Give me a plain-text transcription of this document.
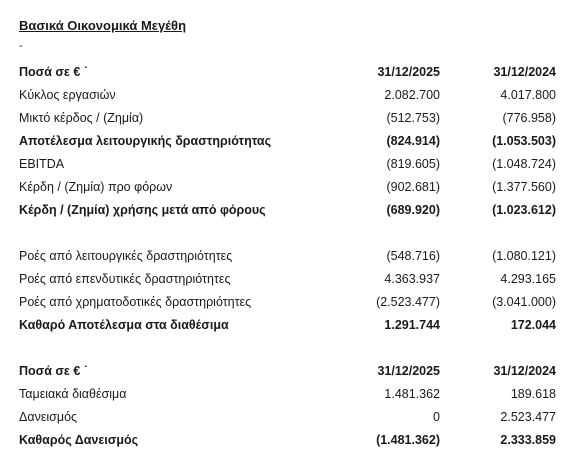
Βασικά Οικονομικά Μεγέθη
-
Ποσά σε € ˙	31/12/2025	31/12/2024
Κύκλος εργασιών	2.082.700	4.017.800
Μικτό κέρδος / (Ζημία)	(512.753)	(776.958)
Αποτέλεσμα λειτουργικής δραστηριότητας	(824.914)	(1.053.503)
EBITDA	(819.605)	(1.048.724)
Κέρδη / (Ζημία) προ φόρων	(902.681)	(1.377.560)
Κέρδη / (Ζημία) χρήσης μετά από φόρους	(689.920)	(1.023.612)
Ροές από λειτουργικές δραστηριότητες	(548.716)	(1.080.121)
Ροές από επενδυτικές δραστηριότητες	4.363.937	4.293.165
Ροές από χρηματοδοτικές δραστηριότητες	(2.523.477)	(3.041.000)
Καθαρό Αποτέλεσμα στα διαθέσιμα	1.291.744	172.044
Ποσά σε € ˙	31/12/2025	31/12/2024
Ταμειακά διαθέσιμα	1.481.362	189.618
Δανεισμός	0	2.523.477
Καθαρός Δανεισμός	(1.481.362)	2.333.859
